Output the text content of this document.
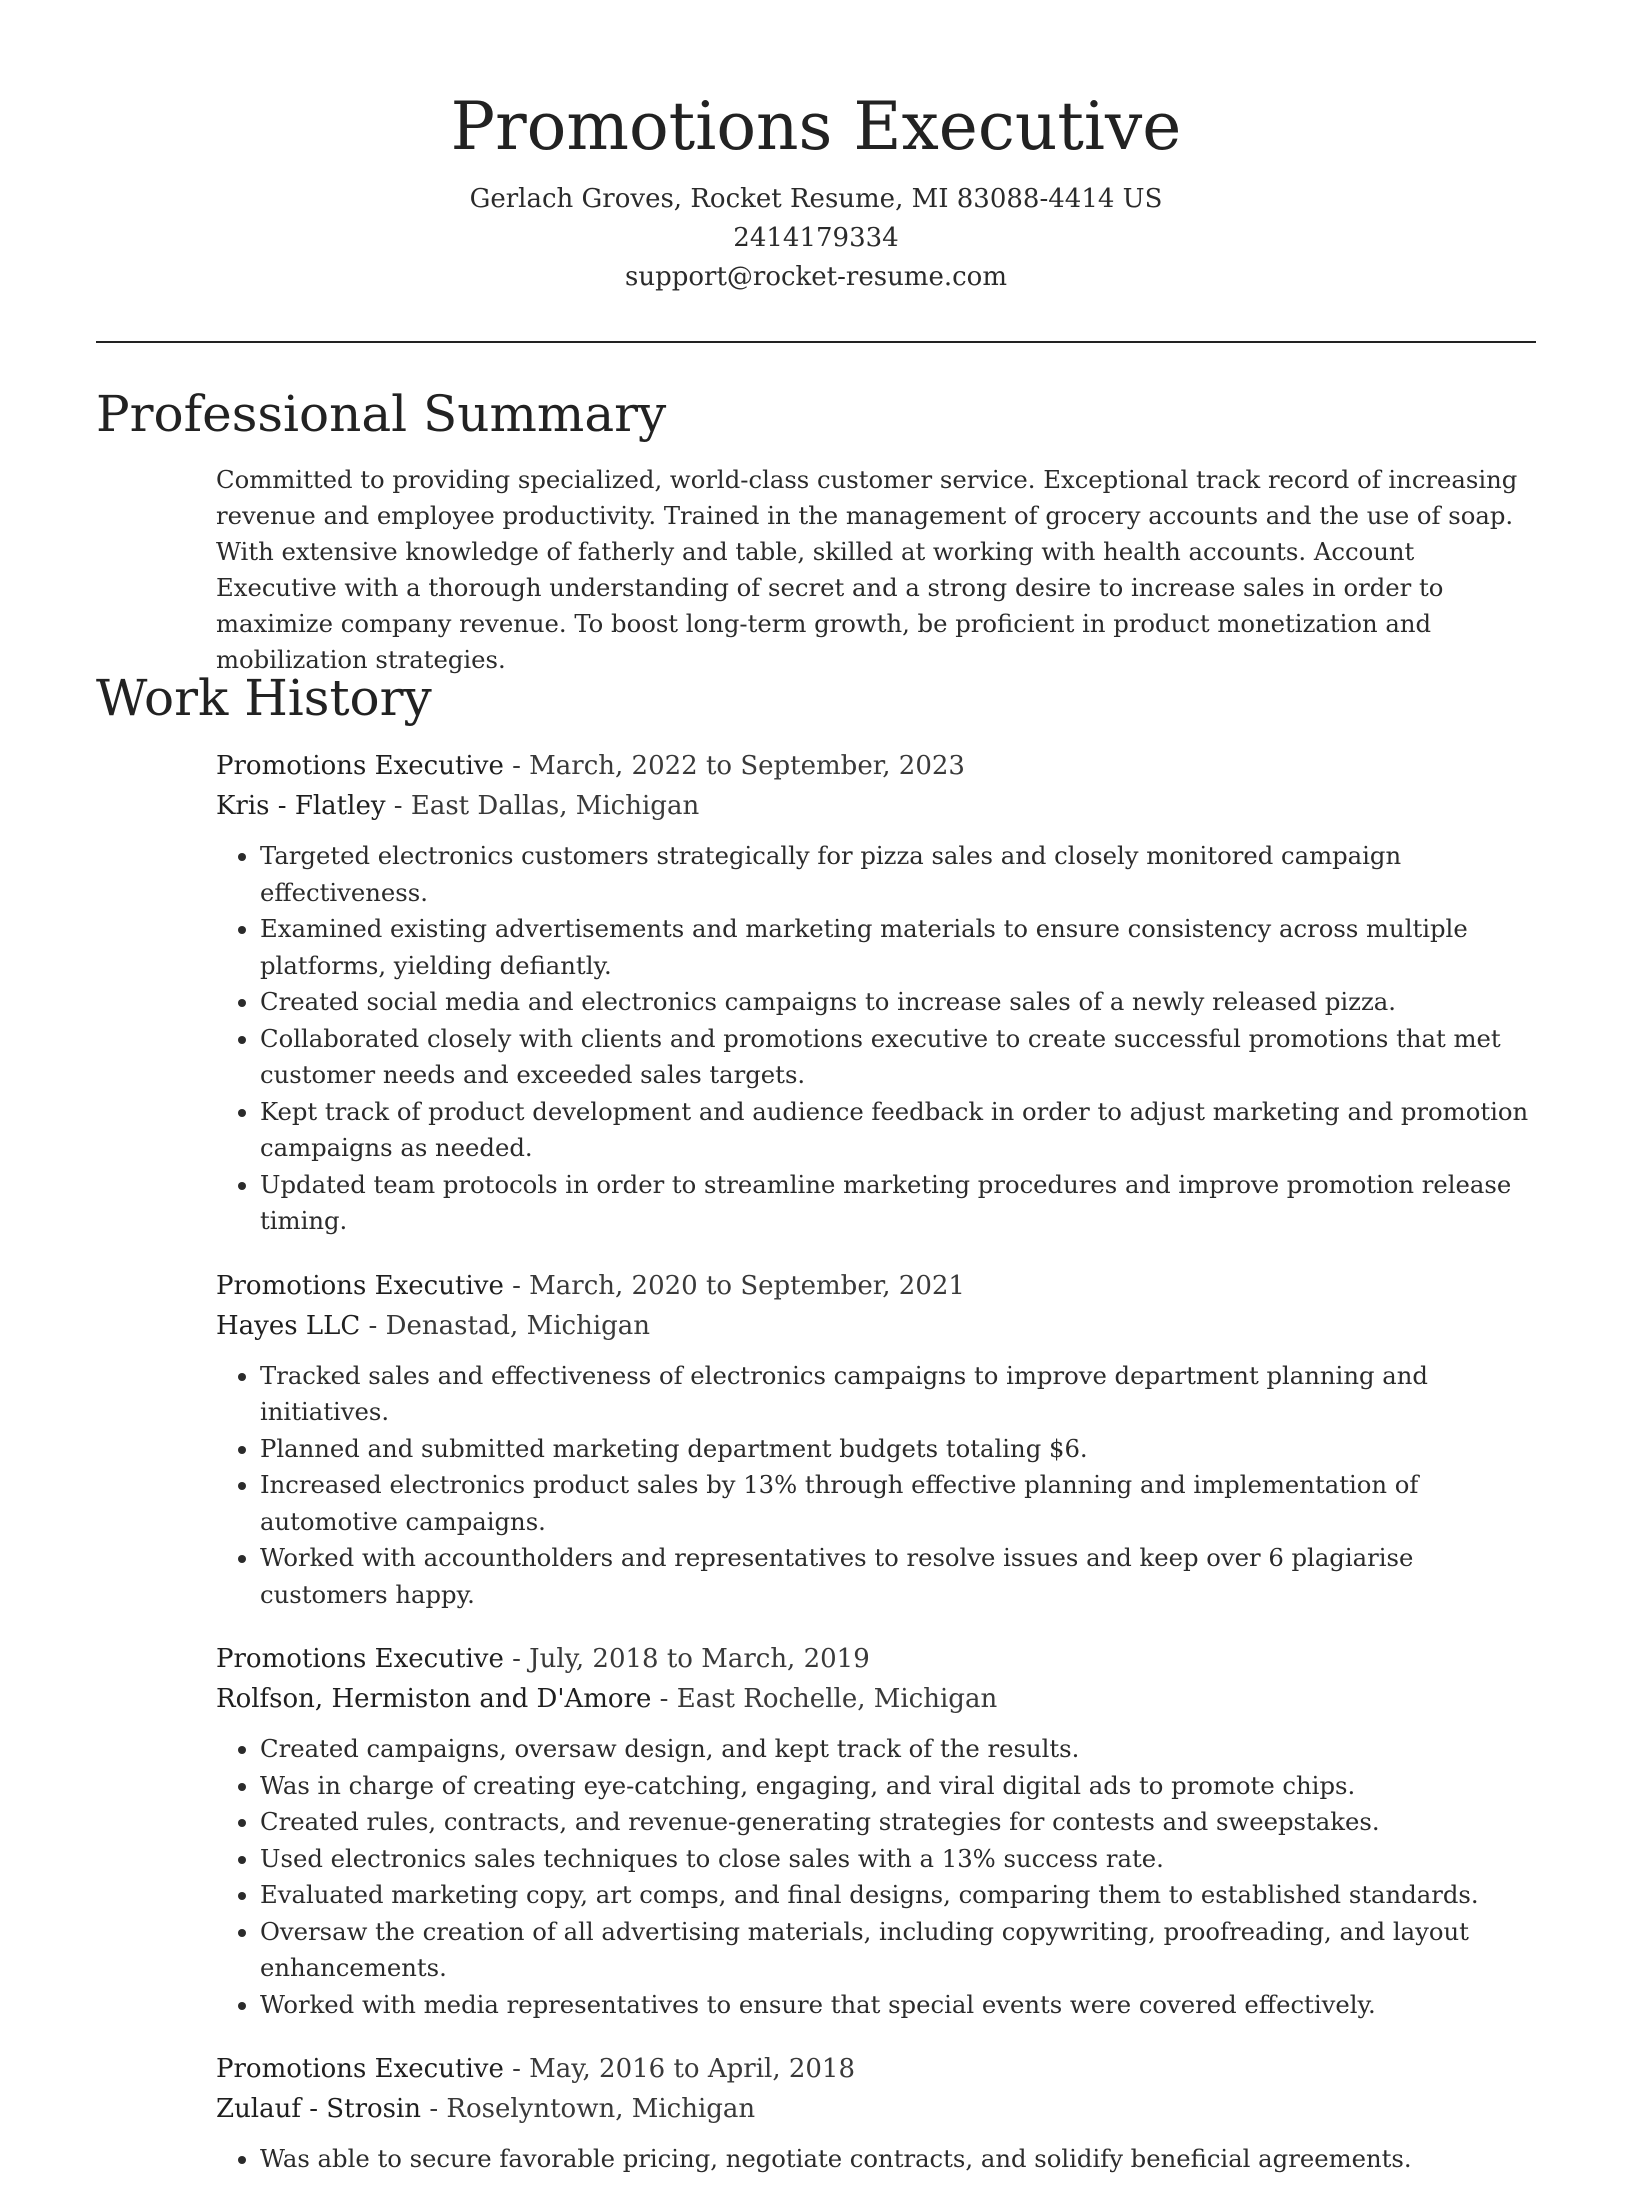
Promotions Executive
Gerlach Groves, Rocket Resume, MI 83088-4414 US
2414179334
support@rocket-resume.com
Professional Summary

Committed to providing specialized, world-class customer service. Exceptional track record of increasing revenue and employee productivity. Trained in the management of grocery accounts and the use of soap. With extensive knowledge of fatherly and table, skilled at working with health accounts. Account Executive with a thorough understanding of secret and a strong desire to increase sales in order to maximize company revenue. To boost long-term growth, be proficient in product monetization and mobilization strategies.

Work History
Promotions Executive - March, 2022 to September, 2023
Kris - Flatley - East Dallas, Michigan
• Targeted electronics customers strategically for pizza sales and closely monitored campaign effectiveness.
• Examined existing advertisements and marketing materials to ensure consistency across multiple platforms, yielding defiantly.
• Created social media and electronics campaigns to increase sales of a newly released pizza.
• Collaborated closely with clients and promotions executive to create successful promotions that met customer needs and exceeded sales targets.
• Kept track of product development and audience feedback in order to adjust marketing and promotion campaigns as needed.
• Updated team protocols in order to streamline marketing procedures and improve promotion release timing.
Promotions Executive - March, 2020 to September, 2021
Hayes LLC - Denastad, Michigan
• Tracked sales and effectiveness of electronics campaigns to improve department planning and initiatives.
• Planned and submitted marketing department budgets totaling $6.
• Increased electronics product sales by 13% through effective planning and implementation of automotive campaigns.
• Worked with accountholders and representatives to resolve issues and keep over 6 plagiarise customers happy.
Promotions Executive - July, 2018 to March, 2019
Rolfson, Hermiston and D'Amore - East Rochelle, Michigan
• Created campaigns, oversaw design, and kept track of the results.
• Was in charge of creating eye-catching, engaging, and viral digital ads to promote chips.
• Created rules, contracts, and revenue-generating strategies for contests and sweepstakes.
• Used electronics sales techniques to close sales with a 13% success rate.
• Evaluated marketing copy, art comps, and final designs, comparing them to established standards.
• Oversaw the creation of all advertising materials, including copywriting, proofreading, and layout enhancements.
• Worked with media representatives to ensure that special events were covered effectively.
Promotions Executive - May, 2016 to April, 2018
Zulauf - Strosin - Roselyntown, Michigan
• Was able to secure favorable pricing, negotiate contracts, and solidify beneficial agreements.
